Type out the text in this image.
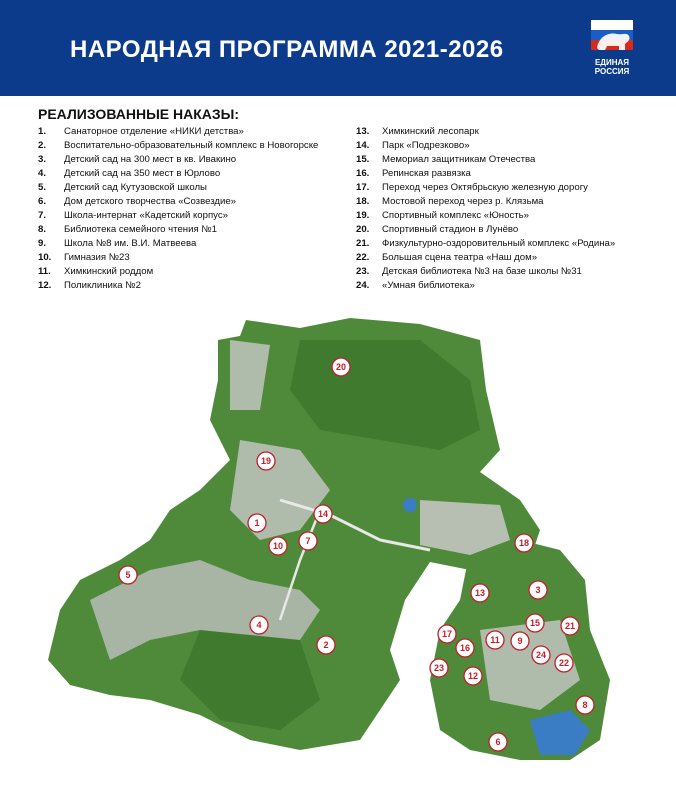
НАРОДНАЯ ПРОГРАММА 2021-2026	ЕДИНАЯ
РОССИЯ
РЕАЛИЗОВАННЫЕ НАКАЗЫ:
1. Санаторное отделение «НИКИ детства»
2. Воспитательно-образовательный комплекс в Новогорске
3. Детский сад на 300 мест в кв. Ивакино
4. Детский сад на 350 мест в Юрлово
5. Детский сад Кутузовской школы
6. Дом детского творчества «Созвездие»
7. Школа-интернат «Кадетский корпус»
8. Библиотека семейного чтения №1
9. Школа №8 им. В.И. Матвеева
10. Гимназия №23
11. Химкинский роддом
12. Поликлиника №2
13. Химкинский лесопарк
14. Парк «Подрезково»
15. Мемориал защитникам Отечества
16. Репинская развязка
17. Переход через Октябрьскую железную дорогу
18. Мостовой переход через р. Клязьма
19. Спортивный комплекс «Юность»
20. Спортивный стадион в Лунёво
21. Физкультурно-оздоровительный комплекс «Родина»
22. Большая сцена театра «Наш дом»
23. Детская библиотека №3 на базе школы №31
24. «Умная библиотека»
20
19
1
14
10 7	18
5
13	3
4
17
11 9
15	21
2	16
24
22
23
12
8
6
